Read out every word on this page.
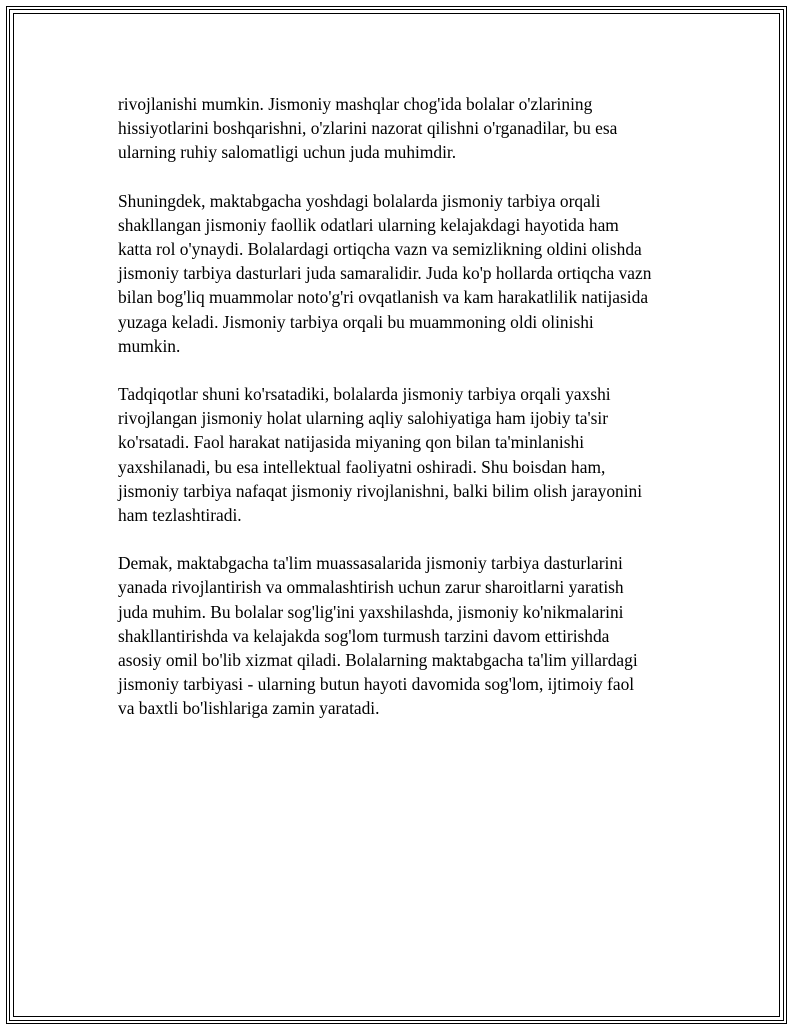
rivojlanishi mumkin. Jismoniy mashqlar chog'ida bolalar o'zlarining
hissiyotlarini boshqarishni, o'zlarini nazorat qilishni o'rganadilar, bu esa
ularning ruhiy salomatligi uchun juda muhimdir.

Shuningdek, maktabgacha yoshdagi bolalarda jismoniy tarbiya orqali
shakllangan jismoniy faollik odatlari ularning kelajakdagi hayotida ham
katta rol o'ynaydi. Bolalardagi ortiqcha vazn va semizlikning oldini olishda
jismoniy tarbiya dasturlari juda samaralidir. Juda ko'p hollarda ortiqcha vazn
bilan bog'liq muammolar noto'g'ri ovqatlanish va kam harakatlilik natijasida
yuzaga keladi. Jismoniy tarbiya orqali bu muammoning oldi olinishi
mumkin.

Tadqiqotlar shuni ko'rsatadiki, bolalarda jismoniy tarbiya orqali yaxshi
rivojlangan jismoniy holat ularning aqliy salohiyatiga ham ijobiy ta'sir
ko'rsatadi. Faol harakat natijasida miyaning qon bilan ta'minlanishi
yaxshilanadi, bu esa intellektual faoliyatni oshiradi. Shu boisdan ham,
jismoniy tarbiya nafaqat jismoniy rivojlanishni, balki bilim olish jarayonini
ham tezlashtiradi.

Demak, maktabgacha ta'lim muassasalarida jismoniy tarbiya dasturlarini
yanada rivojlantirish va ommalashtirish uchun zarur sharoitlarni yaratish
juda muhim. Bu bolalar sog'lig'ini yaxshilashda, jismoniy ko'nikmalarini
shakllantirishda va kelajakda sog'lom turmush tarzini davom ettirishda
asosiy omil bo'lib xizmat qiladi. Bolalarning maktabgacha ta'lim yillardagi
jismoniy tarbiyasi - ularning butun hayoti davomida sog'lom, ijtimoiy faol
va baxtli bo'lishlariga zamin yaratadi.
